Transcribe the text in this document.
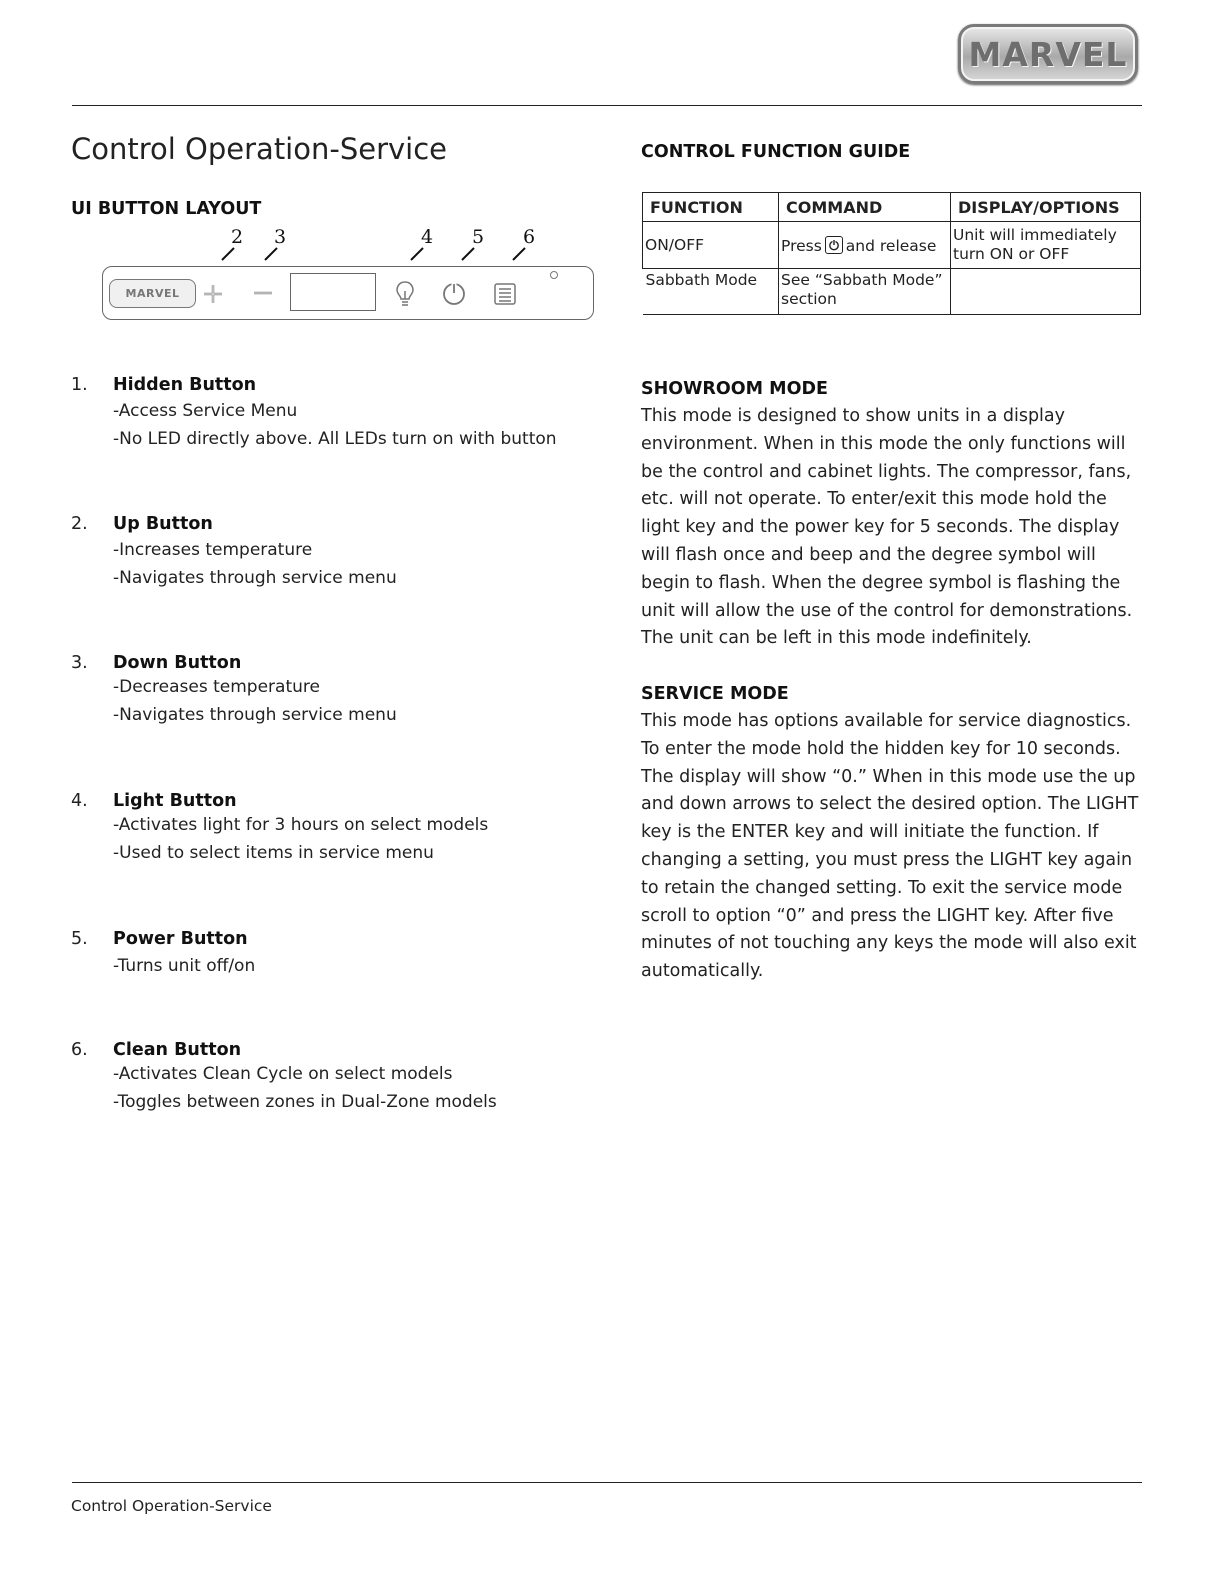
MARVEL
Control Operation-Service
UI BUTTON LAYOUT
2 3	4 5 6
MARVEL
1. Hidden Button
-Access Service Menu
-No LED directly above. All LEDs turn on with button
2. Up Button
-Increases temperature
-Navigates through service menu
3. Down Button
-Decreases temperature
-Navigates through service menu
4. Light Button
-Activates light for 3 hours on select models
-Used to select items in service menu
5. Power Button
-Turns unit off/on
6. Clean Button
-Activates Clean Cycle on select models
-Toggles between zones in Dual-Zone models
CONTROL FUNCTION GUIDE
FUNCTION	COMMAND	DISPLAY/OPTIONS
ON/OFF	Press and release	Unit will immediately turn ON or OFF
Sabbath Mode	See “Sabbath Mode” section	
SHOWROOM MODE
This mode is designed to show units in a display environment. When in this mode the only functions will be the control and cabinet lights. The compressor, fans, etc. will not operate. To enter/exit this mode hold the light key and the power key for 5 seconds. The display will flash once and beep and the degree symbol will begin to flash. When the degree symbol is flashing the unit will allow the use of the control for demonstrations. The unit can be left in this mode indefinitely.
SERVICE MODE
This mode has options available for service diagnostics. To enter the mode hold the hidden key for 10 seconds. The display will show “0.” When in this mode use the up and down arrows to select the desired option. The LIGHT key is the ENTER key and will initiate the function. If changing a setting, you must press the LIGHT key again to retain the changed setting. To exit the service mode scroll to option “0” and press the LIGHT key. After five minutes of not touching any keys the mode will also exit automatically.
Control Operation-Service
